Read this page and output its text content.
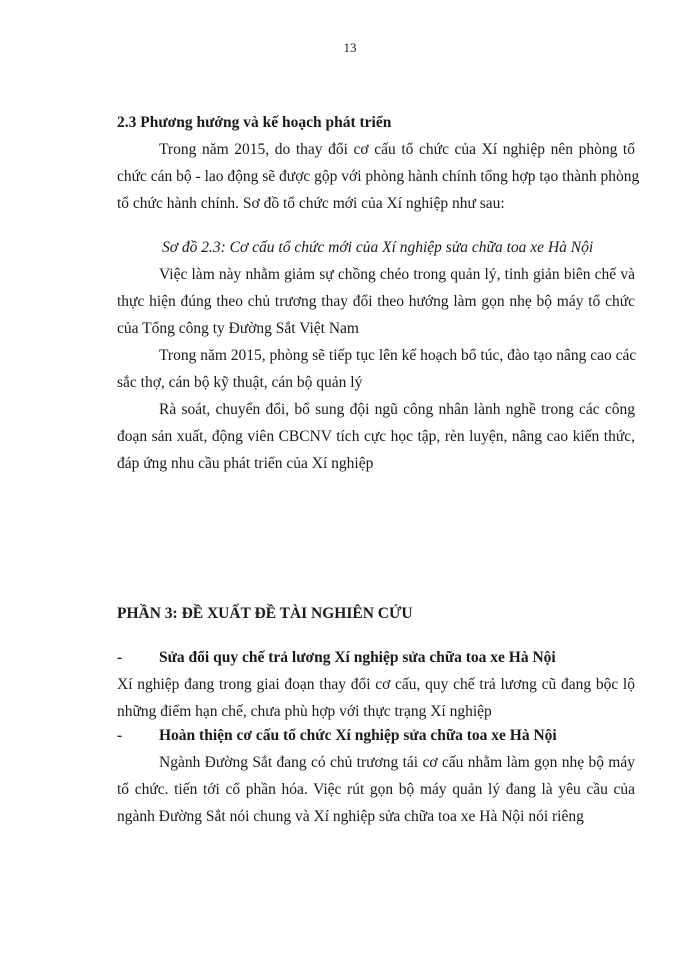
13
2.3 Phương hướng và kế hoạch phát triển
Trong năm 2015, do thay đổi cơ cấu tổ chức của Xí nghiệp nên phòng tổ
chức cán bộ - lao động sẽ được gộp với phòng hành chính tổng hợp tạo thành phòng
tổ chức hành chính. Sơ đồ tổ chức mới của Xí nghiệp như sau:
Sơ đồ 2.3: Cơ cấu tổ chức mới của Xí nghiệp sửa chữa toa xe Hà Nội
Việc làm này nhằm giảm sự chồng chéo trong quản lý, tinh giản biên chế và
thực hiện đúng theo chủ trương thay đổi theo hướng làm gọn nhẹ bộ máy tổ chức
của Tổng công ty Đường Sắt Việt Nam
Trong năm 2015, phòng sẽ tiếp tục lên kế hoạch bổ túc, đào tạo nâng cao các
sắc thợ, cán bộ kỹ thuật, cán bộ quản lý
Rà soát, chuyển đổi, bổ sung đội ngũ công nhân lành nghề trong các công
đoạn sản xuất, động viên CBCNV tích cực học tập, rèn luyện, nâng cao kiến thức,
đáp ứng nhu cầu phát triển của Xí nghiệp
PHẦN 3: ĐỀ XUẤT ĐỀ TÀI NGHIÊN CỨU
- Sửa đổi quy chế trả lương Xí nghiệp sửa chữa toa xe Hà Nội
Xí nghiệp đang trong giai đoạn thay đổi cơ cấu, quy chế trả lương cũ đang bộc lộ
những điểm hạn chế, chưa phù hợp với thực trạng Xí nghiệp
- Hoàn thiện cơ cấu tổ chức Xí nghiệp sửa chữa toa xe Hà Nội
Ngành Đường Sắt đang có chủ trương tái cơ cấu nhằm làm gọn nhẹ bộ máy
tổ chức. tiến tới cổ phần hóa. Việc rút gọn bộ máy quản lý đang là yêu cầu của
ngành Đường Sắt nói chung và Xí nghiệp sửa chữa toa xe Hà Nội nói riêng
